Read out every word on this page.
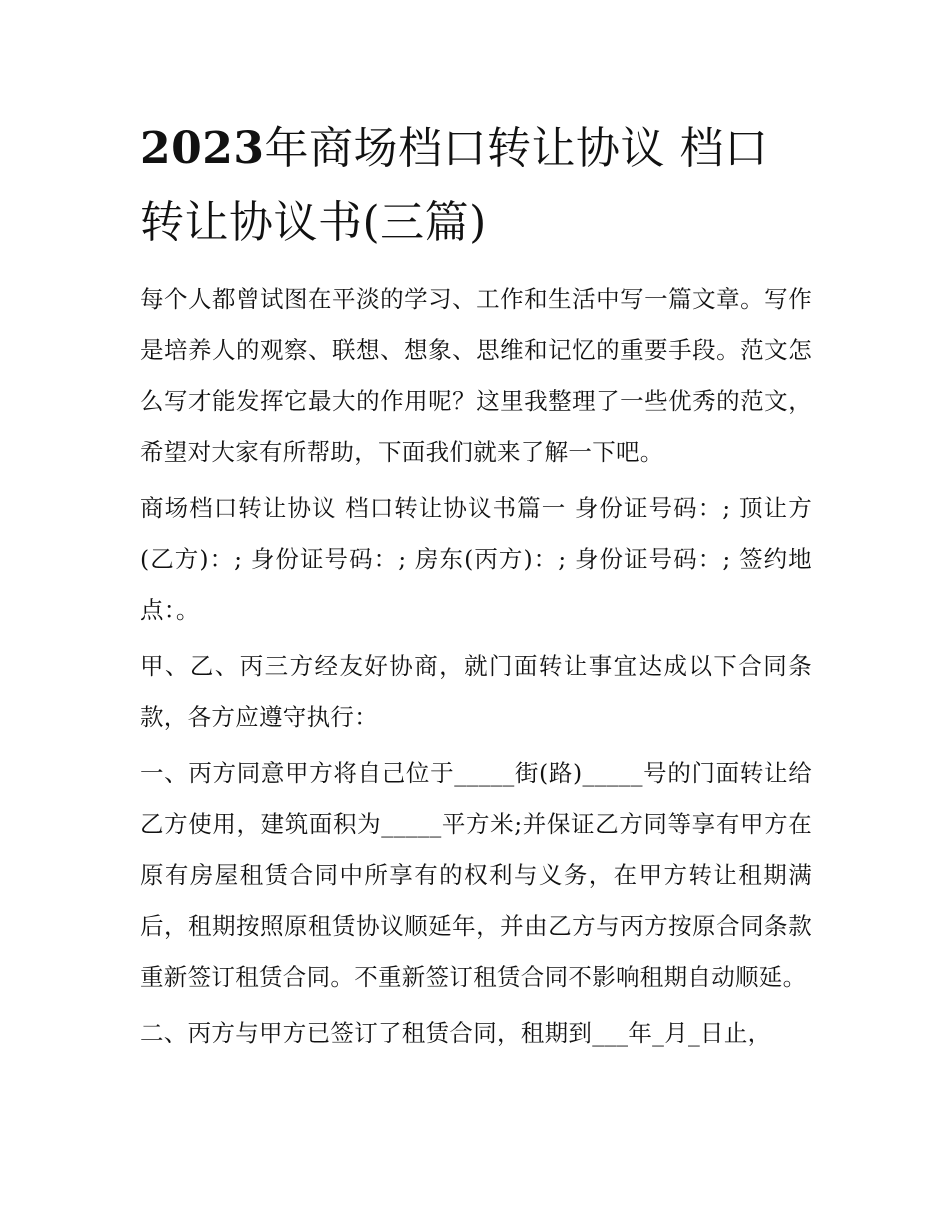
2023年商场档口转让协议 档口转让协议书(三篇)

每个人都曾试图在平淡的学习、工作和生活中写一篇文章。写作是培养人的观察、联想、想象、思维和记忆的重要手段。范文怎么写才能发挥它最大的作用呢？这里我整理了一些优秀的范文，希望对大家有所帮助，下面我们就来了解一下吧。

商场档口转让协议 档口转让协议书篇一 身份证号码：; 顶让方(乙方)：; 身份证号码：; 房东(丙方)：; 身份证号码：; 签约地点：。

甲、乙、丙三方经友好协商，就门面转让事宜达成以下合同条款，各方应遵守执行：

一、丙方同意甲方将自己位于_____街(路)_____号的门面转让给乙方使用，建筑面积为_____平方米;并保证乙方同等享有甲方在原有房屋租赁合同中所享有的权利与义务，在甲方转让租期满后，租期按照原租赁协议顺延年，并由乙方与丙方按原合同条款重新签订租赁合同。不重新签订租赁合同不影响租期自动顺延。

二、丙方与甲方已签订了租赁合同，租期到___年_月_日止，
